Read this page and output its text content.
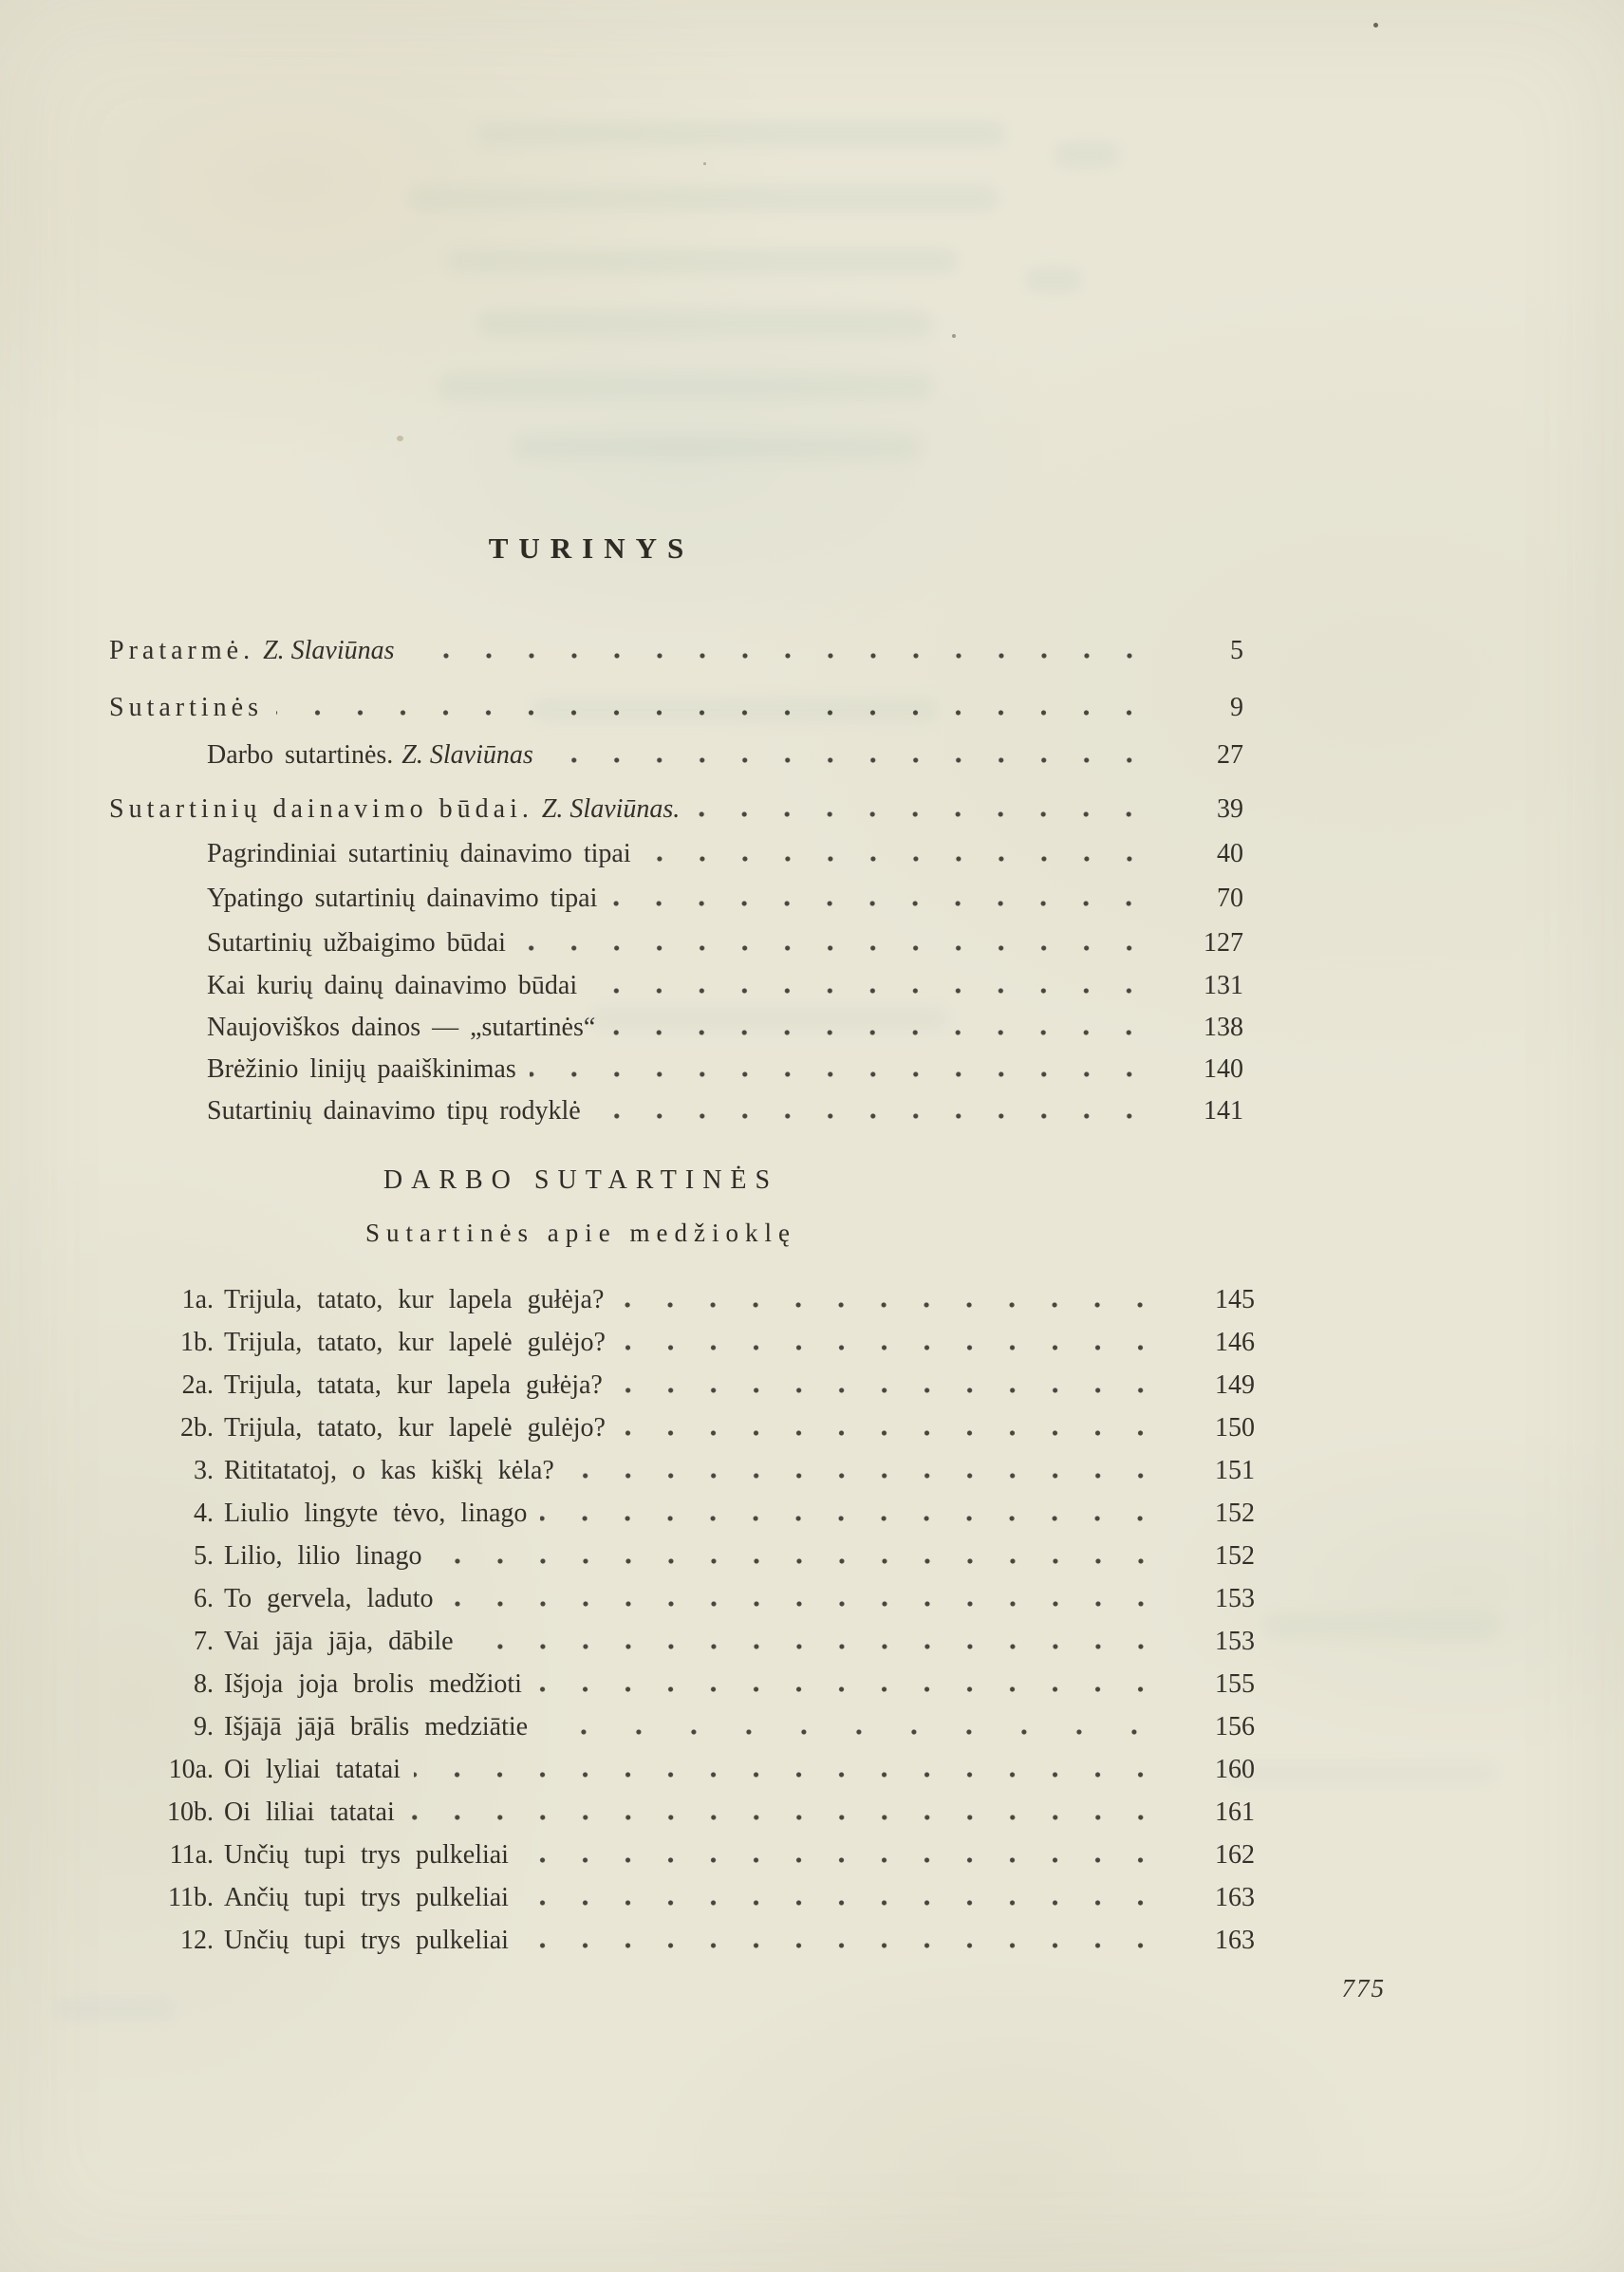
TURINYS
Pratarmė. Z. Slaviūnas	5
Sutartinės	9
Darbo sutartinės. Z. Slaviūnas	27
Sutartinių dainavimo būdai. Z. Slaviūnas.	39
Pagrindiniai sutartinių dainavimo tipai	40
Ypatingo sutartinių dainavimo tipai	70
Sutartinių užbaigimo būdai	127
Kai kurių dainų dainavimo būdai	131
Naujoviškos dainos — „sutartinės“	138
Brėžinio linijų paaiškinimas	140
Sutartinių dainavimo tipų rodyklė	141
DARBO SUTARTINĖS
Sutartinės apie medžioklę
1a. Trijula, tatato, kur lapela gułėja?	145
1b. Trijula, tatato, kur lapelė gulėjo?	146
2a. Trijula, tatata, kur lapela gułėja?	149
2b. Trijula, tatato, kur lapelė gulėjo?	150
3. Rititatatoj, o kas kiškį kėla?	151
4. Liulio lingyte tėvo, linago	152
5. Lilio, lilio linago	152
6. To gervela, laduto	153
7. Vai jāja jāja, dābile	153
8. Išjoja joja brolis medžioti	155
9. Išjājā jājā brālis medziātie	156
10a. Oi lyliai tatatai	160
10b. Oi liliai tatatai	161
11a. Unčių tupi trys pulkeliai	162
11b. Ančių tupi trys pulkeliai	163
12. Unčių tupi trys pulkeliai	163
775
